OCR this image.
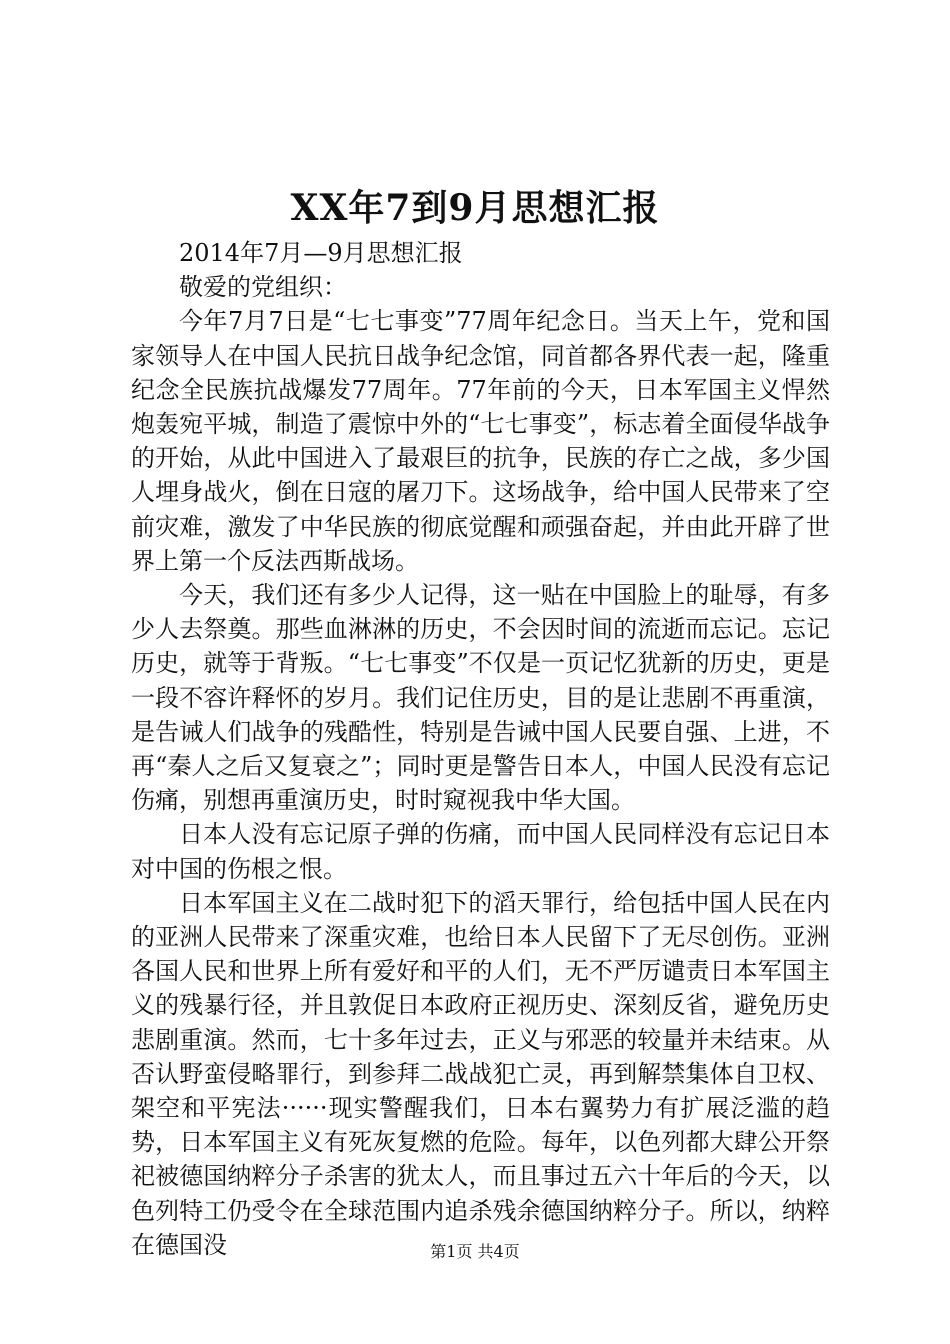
XX年7到9月思想汇报

2014年7月—9月思想汇报

敬爱的党组织：

今年7月7日是“七七事变”77周年纪念日。当天上午，党和国家领导人在中国人民抗日战争纪念馆，同首都各界代表一起，隆重纪念全民族抗战爆发77周年。77年前的今天，日本军国主义悍然炮轰宛平城，制造了震惊中外的“七七事变”，标志着全面侵华战争的开始，从此中国进入了最艰巨的抗争，民族的存亡之战，多少国人埋身战火，倒在日寇的屠刀下。这场战争，给中国人民带来了空前灾难，激发了中华民族的彻底觉醒和顽强奋起，并由此开辟了世界上第一个反法西斯战场。

今天，我们还有多少人记得，这一贴在中国脸上的耻辱，有多少人去祭奠。那些血淋淋的历史，不会因时间的流逝而忘记。忘记历史，就等于背叛。“七七事变”不仅是一页记忆犹新的历史，更是一段不容许释怀的岁月。我们记住历史，目的是让悲剧不再重演，是告诫人们战争的残酷性，特别是告诫中国人民要自强、上进，不再“秦人之后又复衰之”；同时更是警告日本人，中国人民没有忘记伤痛，别想再重演历史，时时窥视我中华大国。

日本人没有忘记原子弹的伤痛，而中国人民同样没有忘记日本对中国的伤根之恨。

日本军国主义在二战时犯下的滔天罪行，给包括中国人民在内的亚洲人民带来了深重灾难，也给日本人民留下了无尽创伤。亚洲各国人民和世界上所有爱好和平的人们，无不严厉谴责日本军国主义的残暴行径，并且敦促日本政府正视历史、深刻反省，避免历史悲剧重演。然而，七十多年过去，正义与邪恶的较量并未结束。从否认野蛮侵略罪行，到参拜二战战犯亡灵，再到解禁集体自卫权、架空和平宪法······现实警醒我们，日本右翼势力有扩展泛滥的趋势，日本军国主义有死灰复燃的危险。每年，以色列都大肆公开祭祀被德国纳粹分子杀害的犹太人，而且事过五六十年后的今天，以色列特工仍受令在全球范围内追杀残余德国纳粹分子。所以，纳粹在德国没	第1页 共4页
